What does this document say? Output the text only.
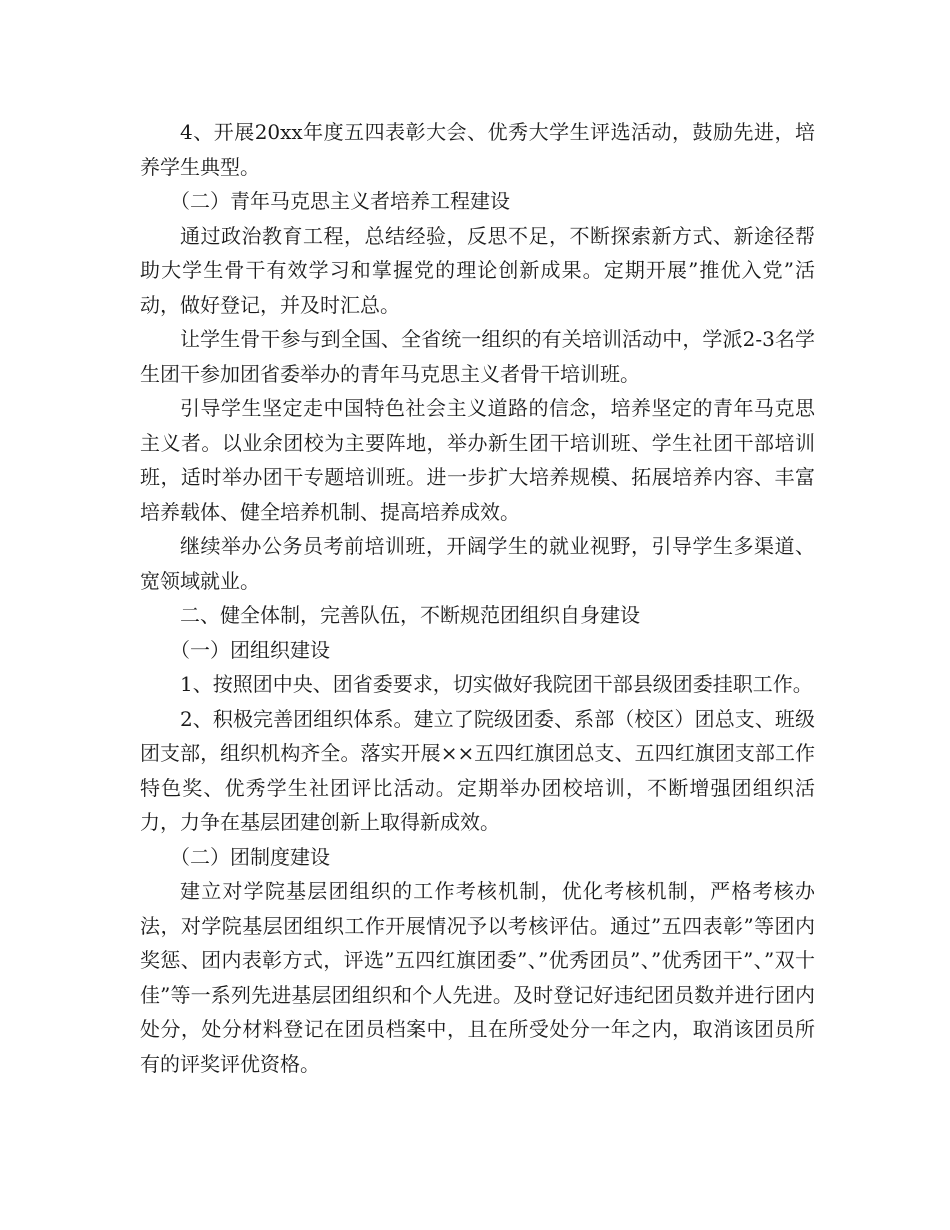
4、开展20xx年度五四表彰大会、优秀大学生评选活动，鼓励先进，培养学生典型。

（二）青年马克思主义者培养工程建设

通过政治教育工程，总结经验，反思不足，不断探索新方式、新途径帮助大学生骨干有效学习和掌握党的理论创新成果。定期开展”推优入党”活动，做好登记，并及时汇总。

让学生骨干参与到全国、全省统一组织的有关培训活动中，学派2-3名学生团干参加团省委举办的青年马克思主义者骨干培训班。

引导学生坚定走中国特色社会主义道路的信念，培养坚定的青年马克思主义者。以业余团校为主要阵地，举办新生团干培训班、学生社团干部培训班，适时举办团干专题培训班。进一步扩大培养规模、拓展培养内容、丰富培养载体、健全培养机制、提高培养成效。

继续举办公务员考前培训班，开阔学生的就业视野，引导学生多渠道、宽领域就业。

二、健全体制，完善队伍，不断规范团组织自身建设

（一）团组织建设

1、按照团中央、团省委要求，切实做好我院团干部县级团委挂职工作。

2、积极完善团组织体系。建立了院级团委、系部（校区）团总支、班级团支部，组织机构齐全。落实开展××五四红旗团总支、五四红旗团支部工作特色奖、优秀学生社团评比活动。定期举办团校培训，不断增强团组织活力，力争在基层团建创新上取得新成效。

（二）团制度建设

建立对学院基层团组织的工作考核机制，优化考核机制，严格考核办法，对学院基层团组织工作开展情况予以考核评估。通过”五四表彰”等团内奖惩、团内表彰方式，评选”五四红旗团委”、”优秀团员”、”优秀团干”、”双十佳”等一系列先进基层团组织和个人先进。及时登记好违纪团员数并进行团内处分，处分材料登记在团员档案中，且在所受处分一年之内，取消该团员所有的评奖评优资格。
